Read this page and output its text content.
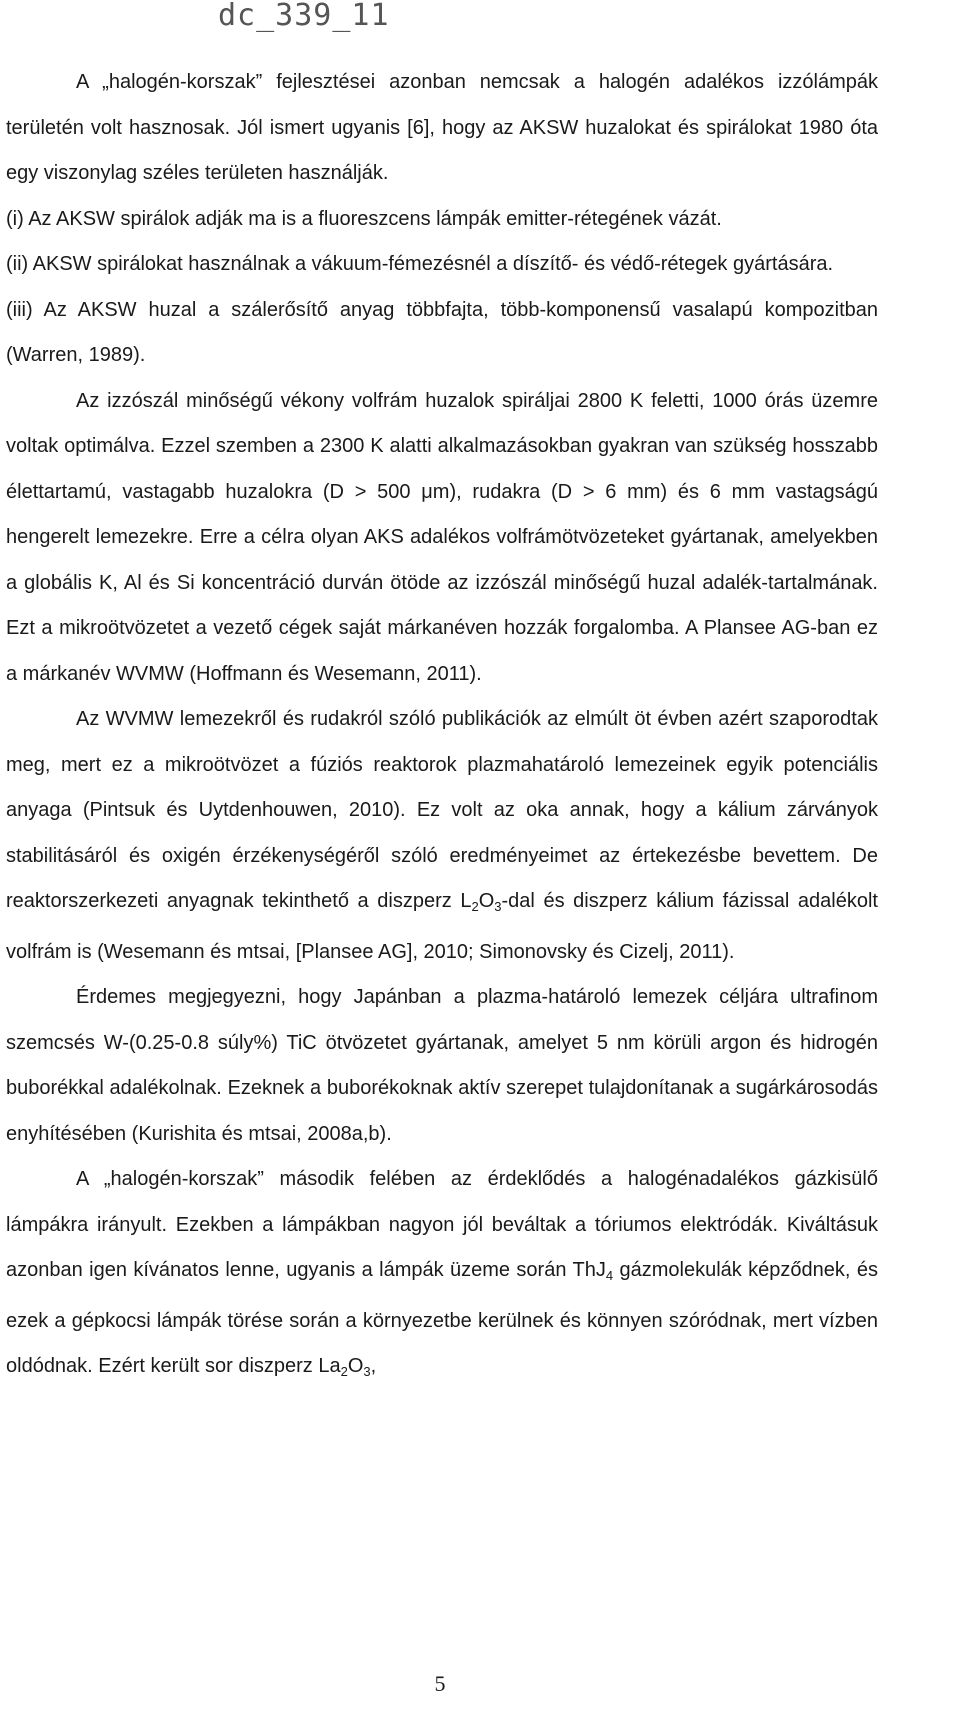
dc_339_11

A „halogén-korszak” fejlesztései azonban nemcsak a halogén adalékos izzólámpák területén volt hasznosak. Jól ismert ugyanis [6], hogy az AKSW huzalokat és spirálokat 1980 óta egy viszonylag széles területen használják.

(i) Az AKSW spirálok adják ma is a fluoreszcens lámpák emitter-rétegének vázát.

(ii) AKSW spirálokat használnak a vákuum-fémezésnél a díszítő- és védő-rétegek gyártására.

(iii) Az AKSW huzal a szálerősítő anyag többfajta, több-komponensű vasalapú kompozitban (Warren, 1989).

Az izzószál minőségű vékony volfrám huzalok spiráljai 2800 K feletti, 1000 órás üzemre voltak optimálva. Ezzel szemben a 2300 K alatti alkalmazásokban gyakran van szükség hosszabb élettartamú, vastagabb huzalokra (D > 500 μm), rudakra (D > 6 mm) és 6 mm vastagságú hengerelt lemezekre. Erre a célra olyan AKS adalékos volfrámötvözeteket gyártanak, amelyekben a globális K, Al és Si koncentráció durván ötöde az izzószál minőségű huzal adalék-tartalmának. Ezt a mikroötvözetet a vezető cégek saját márkanéven hozzák forgalomba. A Plansee AG-ban ez a márkanév WVMW (Hoffmann és Wesemann, 2011).

Az WVMW lemezekről és rudakról szóló publikációk az elmúlt öt évben azért szaporodtak meg, mert ez a mikroötvözet a fúziós reaktorok plazmahatároló lemezeinek egyik potenciális anyaga (Pintsuk és Uytdenhouwen, 2010). Ez volt az oka annak, hogy a kálium zárványok stabilitásáról és oxigén érzékenységéről szóló eredményeimet az értekezésbe bevettem. De reaktorszerkezeti anyagnak tekinthető a diszperz $L_2O_3$-dal és diszperz kálium fázissal adalékolt volfrám is (Wesemann és mtsai, [Plansee AG], 2010; Simonovsky és Cizelj, 2011).

Érdemes megjegyezni, hogy Japánban a plazma-határoló lemezek céljára ultrafinom szemcsés W-(0.25-0.8 súly%) TiC ötvözetet gyártanak, amelyet 5 nm körüli argon és hidrogén buborékkal adalékolnak. Ezeknek a buborékoknak aktív szerepet tulajdonítanak a sugárkárosodás enyhítésében (Kurishita és mtsai, 2008a,b).

A „halogén-korszak” második felében az érdeklődés a halogénadalékos gázkisülő lámpákra irányult. Ezekben a lámpákban nagyon jól beváltak a tóriumos elektródák. Kiváltásuk azonban igen kívánatos lenne, ugyanis a lámpák üzeme során ThJ$_4$ gázmolekulák képződnek, és ezek a gépkocsi lámpák törése során a környezetbe kerülnek és könnyen szóródnak, mert vízben oldódnak. Ezért került sor diszperz $La_2O_3$,

5
